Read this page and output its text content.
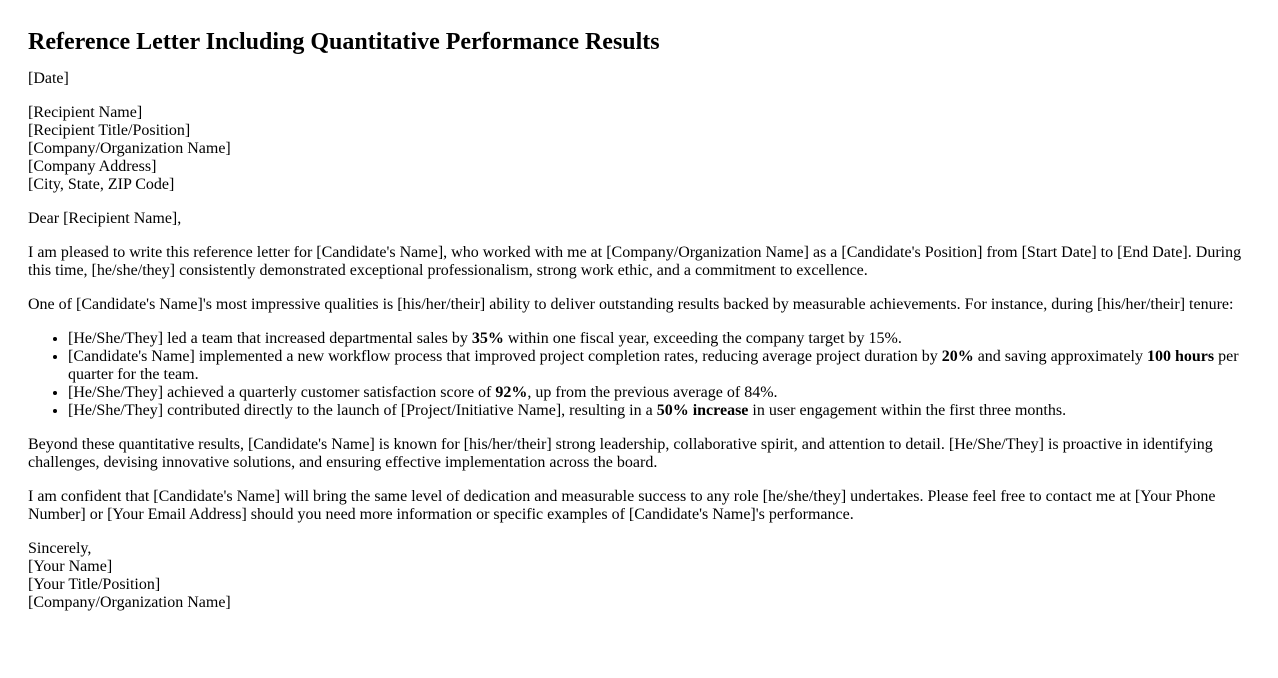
Reference Letter Including Quantitative Performance Results

[Date]

[Recipient Name]
[Recipient Title/Position]
[Company/Organization Name]
[Company Address]
[City, State, ZIP Code]

Dear [Recipient Name],

I am pleased to write this reference letter for [Candidate's Name], who worked with me at [Company/Organization Name] as a [Candidate's Position] from [Start Date] to [End Date]. During this time, [he/she/they] consistently demonstrated exceptional professionalism, strong work ethic, and a commitment to excellence.

One of [Candidate's Name]'s most impressive qualities is [his/her/their] ability to deliver outstanding results backed by measurable achievements. For instance, during [his/her/their] tenure:

• [He/She/They] led a team that increased departmental sales by 35% within one fiscal year, exceeding the company target by 15%.
• [Candidate's Name] implemented a new workflow process that improved project completion rates, reducing average project duration by 20% and saving approximately 100 hours per quarter for the team.
• [He/She/They] achieved a quarterly customer satisfaction score of 92%, up from the previous average of 84%.
• [He/She/They] contributed directly to the launch of [Project/Initiative Name], resulting in a 50% increase in user engagement within the first three months.

Beyond these quantitative results, [Candidate's Name] is known for [his/her/their] strong leadership, collaborative spirit, and attention to detail. [He/She/They] is proactive in identifying challenges, devising innovative solutions, and ensuring effective implementation across the board.

I am confident that [Candidate's Name] will bring the same level of dedication and measurable success to any role [he/she/they] undertakes. Please feel free to contact me at [Your Phone Number] or [Your Email Address] should you need more information or specific examples of [Candidate's Name]'s performance.

Sincerely,
[Your Name]
[Your Title/Position]
[Company/Organization Name]
